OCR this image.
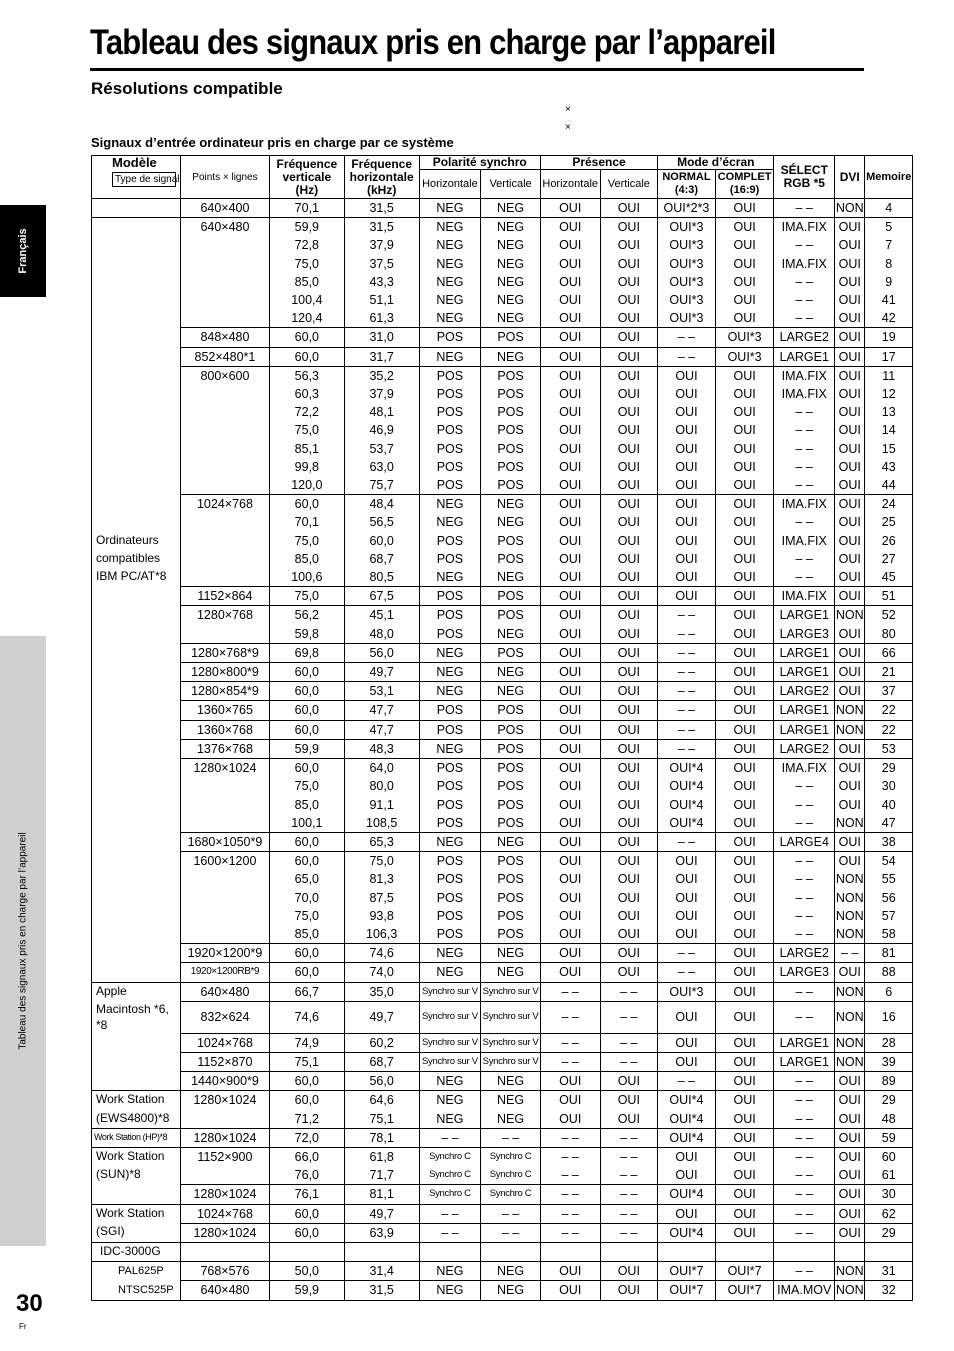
Tableau des signaux pris en charge par l’appareil
Résolutions compatible
×
×
Signaux d’entrée ordinateur pris en charge par ce système
Français
Tableau des signaux pris en charge par l’appareil
Modèle
Type de signal	Points × lignes	Fréquence verticale (Hz)	Fréquence horizontale (kHz)	Polarité synchro		Présence		Mode d’écran		SÉLECT RGB *5	DVI	Memoire
				Horizontale	Verticale	Horizontale	Verticale	NORMAL (4:3)	COMPLET (16:9)			
	640×400	70,1	31,5	NEG	NEG	OUI	OUI	OUI*2*3	OUI	– –	NON	4
	640×480	59,9	31,5	NEG	NEG	OUI	OUI	OUI*3	OUI	IMA.FIX	OUI	5
		72,8	37,9	NEG	NEG	OUI	OUI	OUI*3	OUI	– –	OUI	7
		75,0	37,5	NEG	NEG	OUI	OUI	OUI*3	OUI	IMA.FIX	OUI	8
		85,0	43,3	NEG	NEG	OUI	OUI	OUI*3	OUI	– –	OUI	9
		100,4	51,1	NEG	NEG	OUI	OUI	OUI*3	OUI	– –	OUI	41
		120,4	61,3	NEG	NEG	OUI	OUI	OUI*3	OUI	– –	OUI	42
	848×480	60,0	31,0	POS	POS	OUI	OUI	– –	OUI*3	LARGE2	OUI	19
	852×480*1	60,0	31,7	NEG	NEG	OUI	OUI	– –	OUI*3	LARGE1	OUI	17
	800×600	56,3	35,2	POS	POS	OUI	OUI	OUI	OUI	IMA.FIX	OUI	11
		60,3	37,9	POS	POS	OUI	OUI	OUI	OUI	IMA.FIX	OUI	12
		72,2	48,1	POS	POS	OUI	OUI	OUI	OUI	– –	OUI	13
		75,0	46,9	POS	POS	OUI	OUI	OUI	OUI	– –	OUI	14
		85,1	53,7	POS	POS	OUI	OUI	OUI	OUI	– –	OUI	15
		99,8	63,0	POS	POS	OUI	OUI	OUI	OUI	– –	OUI	43
		120,0	75,7	POS	POS	OUI	OUI	OUI	OUI	– –	OUI	44
	1024×768	60,0	48,4	NEG	NEG	OUI	OUI	OUI	OUI	IMA.FIX	OUI	24
		70,1	56,5	NEG	NEG	OUI	OUI	OUI	OUI	– –	OUI	25
Ordinateurs		75,0	60,0	POS	POS	OUI	OUI	OUI	OUI	IMA.FIX	OUI	26
compatibles		85,0	68,7	POS	POS	OUI	OUI	OUI	OUI	– –	OUI	27
IBM PC/AT*8		100,6	80,5	NEG	NEG	OUI	OUI	OUI	OUI	– –	OUI	45
	1152×864	75,0	67,5	POS	POS	OUI	OUI	OUI	OUI	IMA.FIX	OUI	51
	1280×768	56,2	45,1	POS	POS	OUI	OUI	– –	OUI	LARGE1	NON	52
		59,8	48,0	POS	NEG	OUI	OUI	– –	OUI	LARGE3	OUI	80
	1280×768*9	69,8	56,0	NEG	POS	OUI	OUI	– –	OUI	LARGE1	OUI	66
	1280×800*9	60,0	49,7	NEG	NEG	OUI	OUI	– –	OUI	LARGE1	OUI	21
	1280×854*9	60,0	53,1	NEG	NEG	OUI	OUI	– –	OUI	LARGE2	OUI	37
	1360×765	60,0	47,7	POS	POS	OUI	OUI	– –	OUI	LARGE1	NON	22
	1360×768	60,0	47,7	POS	POS	OUI	OUI	– –	OUI	LARGE1	NON	22
	1376×768	59,9	48,3	NEG	POS	OUI	OUI	– –	OUI	LARGE2	OUI	53
	1280×1024	60,0	64,0	POS	POS	OUI	OUI	OUI*4	OUI	IMA.FIX	OUI	29
		75,0	80,0	POS	POS	OUI	OUI	OUI*4	OUI	– –	OUI	30
		85,0	91,1	POS	POS	OUI	OUI	OUI*4	OUI	– –	OUI	40
		100,1	108,5	POS	POS	OUI	OUI	OUI*4	OUI	– –	NON	47
	1680×1050*9	60,0	65,3	NEG	NEG	OUI	OUI	– –	OUI	LARGE4	OUI	38
	1600×1200	60,0	75,0	POS	POS	OUI	OUI	OUI	OUI	– –	OUI	54
		65,0	81,3	POS	POS	OUI	OUI	OUI	OUI	– –	NON	55
		70,0	87,5	POS	POS	OUI	OUI	OUI	OUI	– –	NON	56
		75,0	93,8	POS	POS	OUI	OUI	OUI	OUI	– –	NON	57
		85,0	106,3	POS	POS	OUI	OUI	OUI	OUI	– –	NON	58
	1920×1200*9	60,0	74,6	NEG	NEG	OUI	OUI	– –	OUI	LARGE2	– –	81
	1920×1200RB*9	60,0	74,0	NEG	NEG	OUI	OUI	– –	OUI	LARGE3	OUI	88
Apple	640×480	66,7	35,0	Synchro sur V	Synchro sur V	– –	– –	OUI*3	OUI	– –	NON	6
Macintosh *6, *8	832×624	74,6	49,7	Synchro sur V	Synchro sur V	– –	– –	OUI	OUI	– –	NON	16
	1024×768	74,9	60,2	Synchro sur V	Synchro sur V	– –	– –	OUI	OUI	LARGE1	NON	28
	1152×870	75,1	68,7	Synchro sur V	Synchro sur V	– –	– –	OUI	OUI	LARGE1	NON	39
	1440×900*9	60,0	56,0	NEG	NEG	OUI	OUI	– –	OUI	– –	OUI	89
Work Station	1280×1024	60,0	64,6	NEG	NEG	OUI	OUI	OUI*4	OUI	– –	OUI	29
(EWS4800)*8		71,2	75,1	NEG	NEG	OUI	OUI	OUI*4	OUI	– –	OUI	48
Work Station (HP)*8	1280×1024	72,0	78,1	– –	– –	– –	– –	OUI*4	OUI	– –	OUI	59
Work Station	1152×900	66,0	61,8	Synchro C	Synchro C	– –	– –	OUI	OUI	– –	OUI	60
(SUN)*8		76,0	71,7	Synchro C	Synchro C	– –	– –	OUI	OUI	– –	OUI	61
	1280×1024	76,1	81,1	Synchro C	Synchro C	– –	– –	OUI*4	OUI	– –	OUI	30
Work Station	1024×768	60,0	49,7	– –	– –	– –	– –	OUI	OUI	– –	OUI	62
(SGI)	1280×1024	60,0	63,9	– –	– –	– –	– –	OUI*4	OUI	– –	OUI	29
IDC-3000G												
PAL625P	768×576	50,0	31,4	NEG	NEG	OUI	OUI	OUI*7	OUI*7	– –	NON	31
NTSC525P	640×480	59,9	31,5	NEG	NEG	OUI	OUI	OUI*7	OUI*7	IMA.MOV	NON	32
30
Fr
